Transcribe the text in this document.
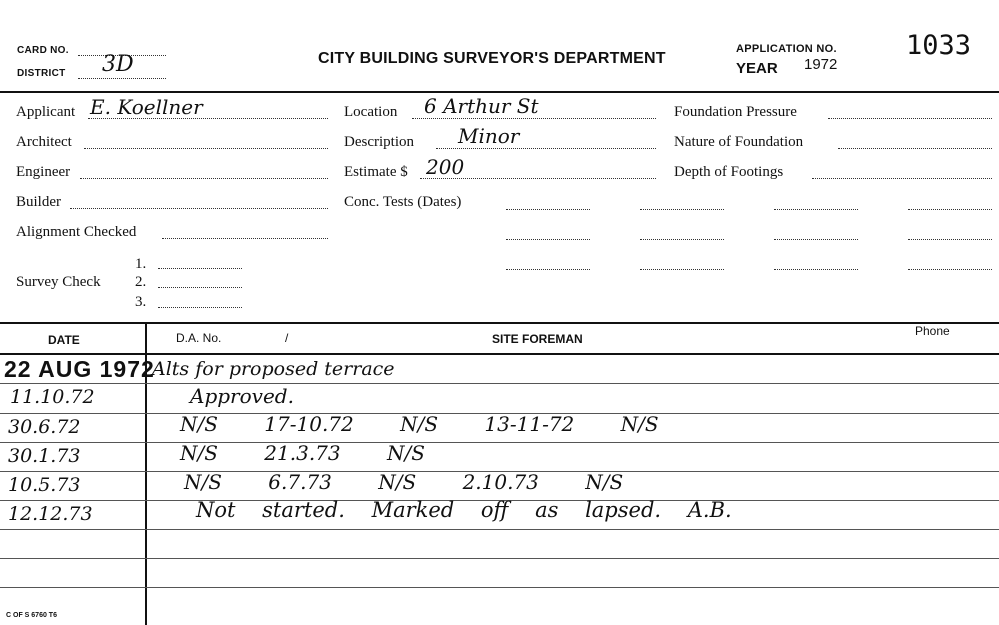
CARD NO.
DISTRICT 3D	CITY BUILDING SURVEYOR'S DEPARTMENT
APPLICATION NO.
YEAR 1972
1033
Applicant E. Koellner
Architect
Engineer
Builder
Alignment Checked
Survey Check
1.
2.
3.
Location 6 Arthur St
Description Minor
Estimate $ 200
Conc. Tests (Dates)
Foundation Pressure
Nature of Foundation
Depth of Footings
DATE	D.A. No.	/	SITE FOREMAN
Phone
22 AUG 1972
Alts for proposed terrace
11.10.72	Approved.
30.6.72	N/S 17-10.72 N/S 13-11-72 N/S
30.1.73	N/S 21.3.73 N/S
10.5.73	N/S 6.7.73 N/S 2.10.73 N/S
12.12.73	Not started. Marked off as lapsed. A.B.
C OF S 6760 T6
